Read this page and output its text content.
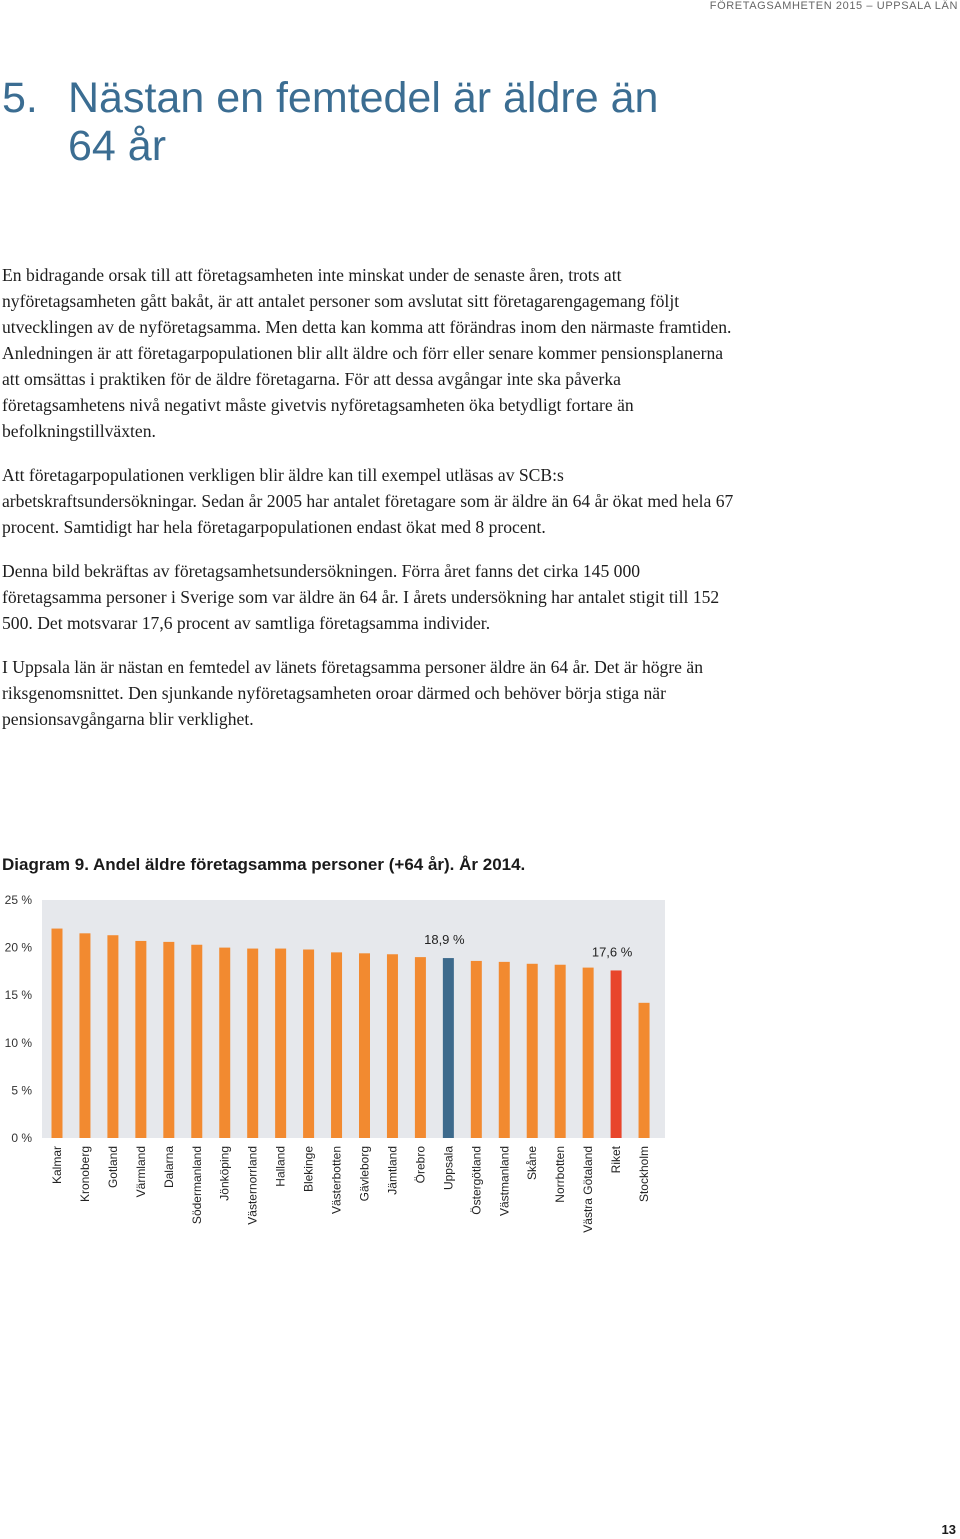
FÖRETAGSAMHETEN 2015 – UPPSALA LÄN
5. Nästan en femtedel är äldre än 64 år

En bidragande orsak till att företagsamheten inte minskat under de senaste åren, trots att nyföretagsamheten gått bakåt, är att antalet personer som avslutat sitt företagarengagemang följt utvecklingen av de nyföretagsamma. Men detta kan komma att förändras inom den närmaste framtiden. Anledningen är att företagarpopulationen blir allt äldre och förr eller senare kommer pensionsplanerna att omsättas i praktiken för de äldre företagarna. För att dessa avgångar inte ska påverka företagsamhetens nivå negativt måste givetvis nyföretagsamheten öka betydligt fortare än befolkningstillväxten.

Att företagarpopulationen verkligen blir äldre kan till exempel utläsas av SCB:s arbetskraftsundersökningar. Sedan år 2005 har antalet företagare som är äldre än 64 år ökat med hela 67 procent. Samtidigt har hela företagarpopulationen endast ökat med 8 procent.

Denna bild bekräftas av företagsamhetsundersökningen. Förra året fanns det cirka 145 000 företagsamma personer i Sverige som var äldre än 64 år. I årets undersökning har antalet stigit till 152 500. Det motsvarar 17,6 procent av samtliga företagsamma individer.

I Uppsala län är nästan en femtedel av länets företagsamma personer äldre än 64 år. Det är högre än riksgenomsnittet. Den sjunkande nyföretagsamheten oroar därmed och behöver börja stiga när pensionsavgångarna blir verklighet.

Diagram 9. Andel äldre företagsamma personer (+64 år). År 2014.
0 %
5 %
10 %
15 %
20 %
25 %
Kalmar Kronoberg Gotland Värmland Dalarna Södermanland Jönköping Västernorrland Halland Blekinge Västerbotten Gävleborg Jämtland Örebro Uppsala Östergötland Västmanland Skåne Norrbotten Västra Götaland Riket Stockholm
18,9 %
17,6 %
13
